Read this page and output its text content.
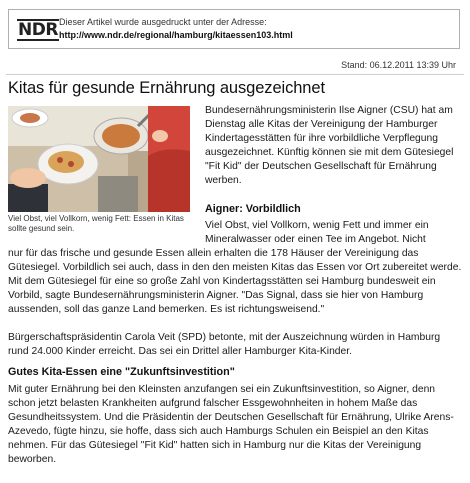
NDR Dieser Artikel wurde ausgedruckt unter der Adresse:
http://www.ndr.de/regional/hamburg/kitaessen103.html
Stand: 06.12.2011 13:39 Uhr
Kitas für gesunde Ernährung ausgezeichnet
Viel Obst, viel Vollkorn, wenig Fett: Essen in Kitas sollte gesund sein.

Bundesernährungsministerin Ilse Aigner (CSU) hat am Dienstag alle Kitas der Vereinigung der Hamburger Kindertagesstätten für ihre vorbildliche Verpflegung ausgezeichnet. Künftig können sie mit dem Gütesiegel "Fit Kid" der Deutschen Gesellschaft für Ernährung werben.

Aigner: Vorbildlich

Viel Obst, viel Vollkorn, wenig Fett und immer ein Mineralwasser oder einen Tee im Angebot. Nicht

nur für das frische und gesunde Essen allein erhalten die 178 Häuser der Vereinigung das Gütesiegel. Vorbildlich sei auch, dass in den den meisten Kitas das Essen vor Ort zubereitet werde. Mit dem Gütesiegel für eine so große Zahl von Kindertagsstätten sei Hamburg bundesweit ein Vorbild, sagte Bundesernährungsministerin Aigner. "Das Signal, dass sie hier von Hamburg aussenden, soll das ganze Land bemerken. Es ist richtungsweisend."

Bürgerschaftspräsidentin Carola Veit (SPD) betonte, mit der Auszeichnung würden in Hamburg rund 24.000 Kinder erreicht. Das sei ein Drittel aller Hamburger Kita-Kinder.

Gutes Kita-Essen eine "Zukunftsinvestition"

Mit guter Ernährung bei den Kleinsten anzufangen sei ein Zukunftsinvestition, so Aigner, denn schon jetzt belasten Krankheiten aufgrund falscher Essgewohnheiten in hohem Maße das Gesundheitssystem. Und die Präsidentin der Deutschen Gesellschaft für Ernährung, Ulrike Arens-Azevedo, fügte hinzu, sie hoffe, dass sich auch Hamburgs Schulen ein Beispiel an den Kitas nehmen. Für das Gütesiegel "Fit Kid" hatten sich in Hamburg nur die Kitas der Vereinigung beworben.
